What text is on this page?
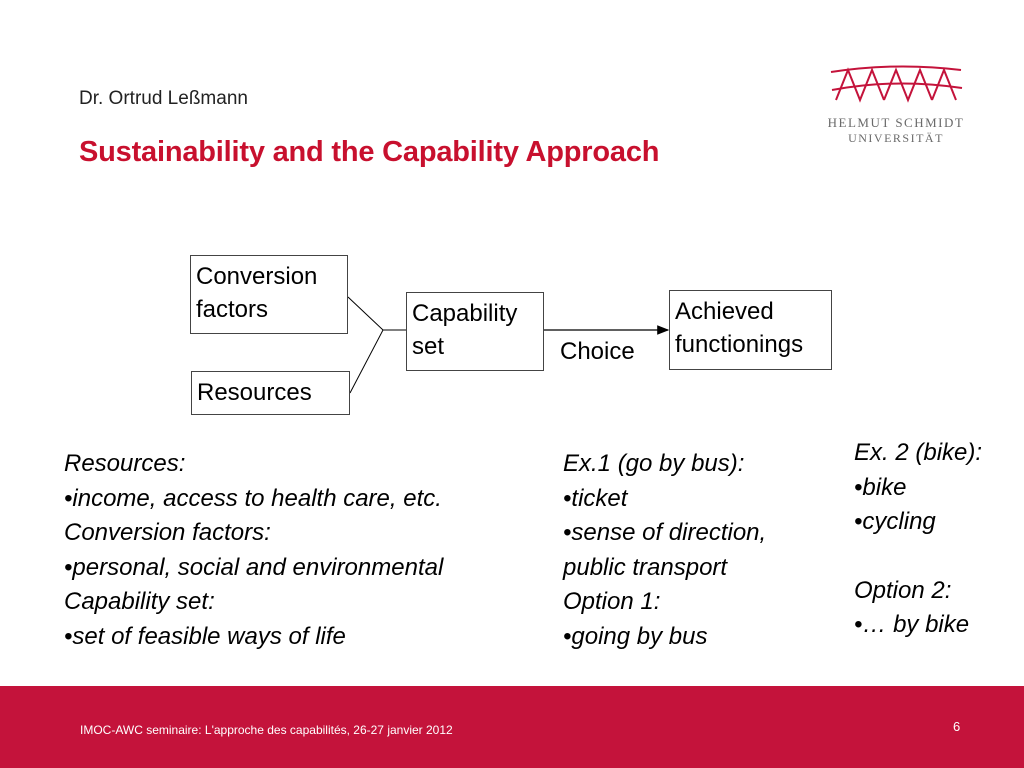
Dr. Ortrud Leßmann
Sustainability and the Capability Approach
HELMUT SCHMIDT
UNIVERSITÄT
Conversion
factors
Resources
Capability
set
Achieved
functionings
Choice
Resources:
•income, access to health care, etc.
Conversion factors:
•personal, social and environmental
Capability set:
•set of feasible ways of life
Ex.1 (go by bus):
•ticket
•sense of direction,
public transport
Option 1:
•going by bus
Ex. 2 (bike):
•bike
•cycling
Option 2:
•… by bike
IMOC-AWC seminaire: L'approche des capabilités, 26-27 janvier 2012	6
